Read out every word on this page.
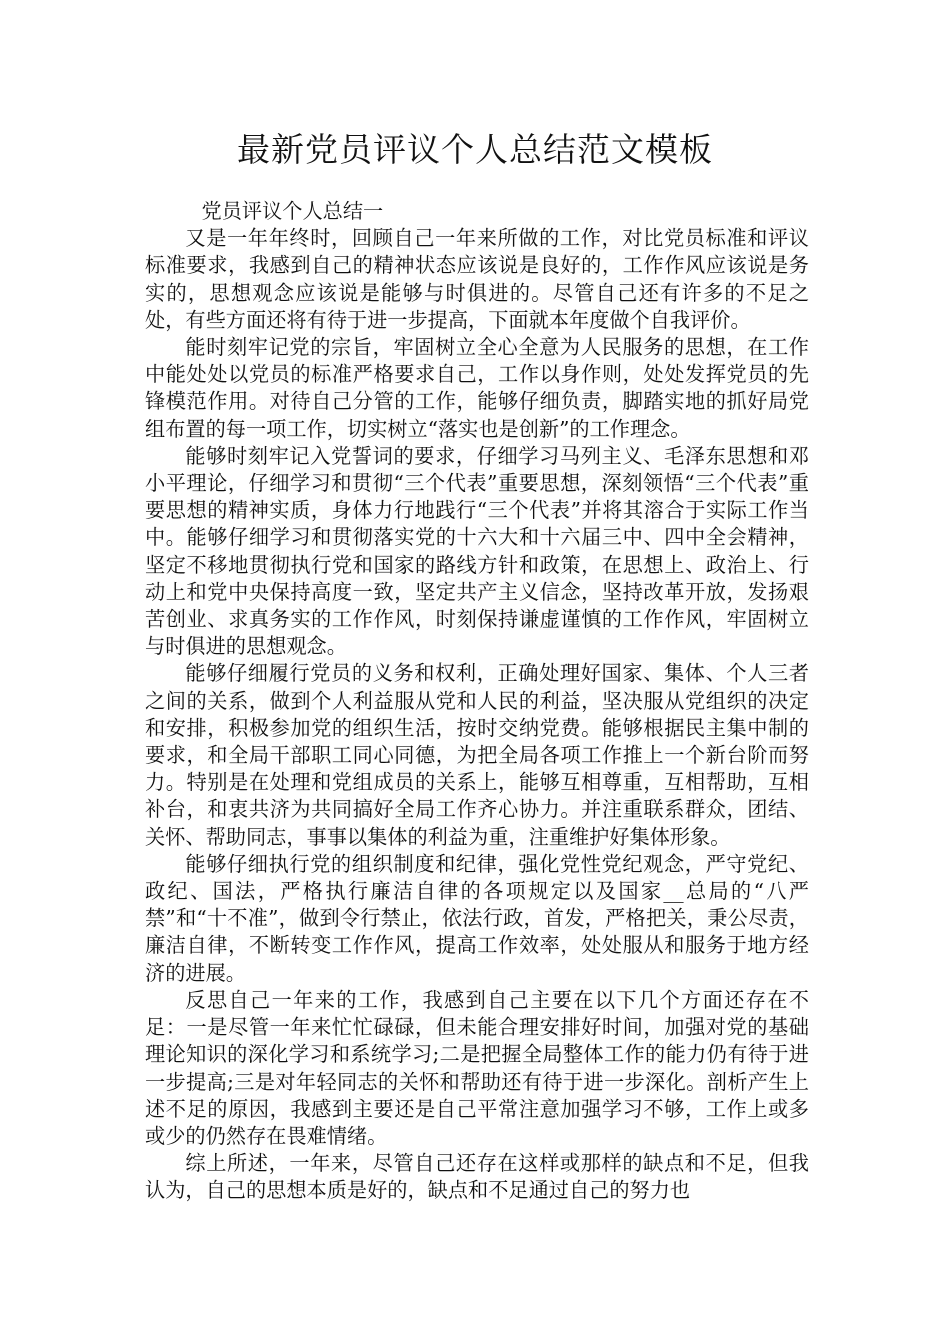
最新党员评议个人总结范文模板
党员评议个人总结一

又是一年年终时，回顾自己一年来所做的工作，对比党员标准和评议标准要求，我感到自己的精神状态应该说是良好的，工作作风应该说是务实的，思想观念应该说是能够与时俱进的。尽管自己还有许多的不足之处，有些方面还将有待于进一步提高，下面就本年度做个自我评价。

能时刻牢记党的宗旨，牢固树立全心全意为人民服务的思想，在工作中能处处以党员的标准严格要求自己，工作以身作则，处处发挥党员的先锋模范作用。对待自己分管的工作，能够仔细负责，脚踏实地的抓好局党组布置的每一项工作，切实树立“落实也是创新”的工作理念。

能够时刻牢记入党誓词的要求，仔细学习马列主义、毛泽东思想和邓小平理论，仔细学习和贯彻“三个代表”重要思想，深刻领悟“三个代表”重要思想的精神实质，身体力行地践行“三个代表”并将其溶合于实际工作当中。能够仔细学习和贯彻落实党的十六大和十六届三中、四中全会精神，坚定不移地贯彻执行党和国家的路线方针和政策，在思想上、政治上、行动上和党中央保持高度一致，坚定共产主义信念，坚持改革开放，发扬艰苦创业、求真务实的工作作风，时刻保持谦虚谨慎的工作作风，牢固树立与时俱进的思想观念。

能够仔细履行党员的义务和权利，正确处理好国家、集体、个人三者之间的关系，做到个人利益服从党和人民的利益，坚决服从党组织的决定和安排，积极参加党的组织生活，按时交纳党费。能够根据民主集中制的要求，和全局干部职工同心同德，为把全局各项工作推上一个新台阶而努力。特别是在处理和党组成员的关系上，能够互相尊重，互相帮助，互相补台，和衷共济为共同搞好全局工作齐心协力。并注重联系群众，团结、关怀、帮助同志，事事以集体的利益为重，注重维护好集体形象。

能够仔细执行党的组织制度和纪律，强化党性党纪观念，严守党纪、政纪、国法，严格执行廉洁自律的各项规定以及国家__总局的“八严禁”和“十不准”，做到令行禁止，依法行政，首发，严格把关，秉公尽责，廉洁自律，不断转变工作作风，提高工作效率，处处服从和服务于地方经济的进展。

反思自己一年来的工作，我感到自己主要在以下几个方面还存在不足：一是尽管一年来忙忙碌碌，但未能合理安排好时间，加强对党的基础理论知识的深化学习和系统学习;二是把握全局整体工作的能力仍有待于进一步提高;三是对年轻同志的关怀和帮助还有待于进一步深化。剖析产生上述不足的原因，我感到主要还是自己平常注意加强学习不够，工作上或多或少的仍然存在畏难情绪。

综上所述，一年来，尽管自己还存在这样或那样的缺点和不足，但我认为，自己的思想本质是好的，缺点和不足通过自己的努力也
